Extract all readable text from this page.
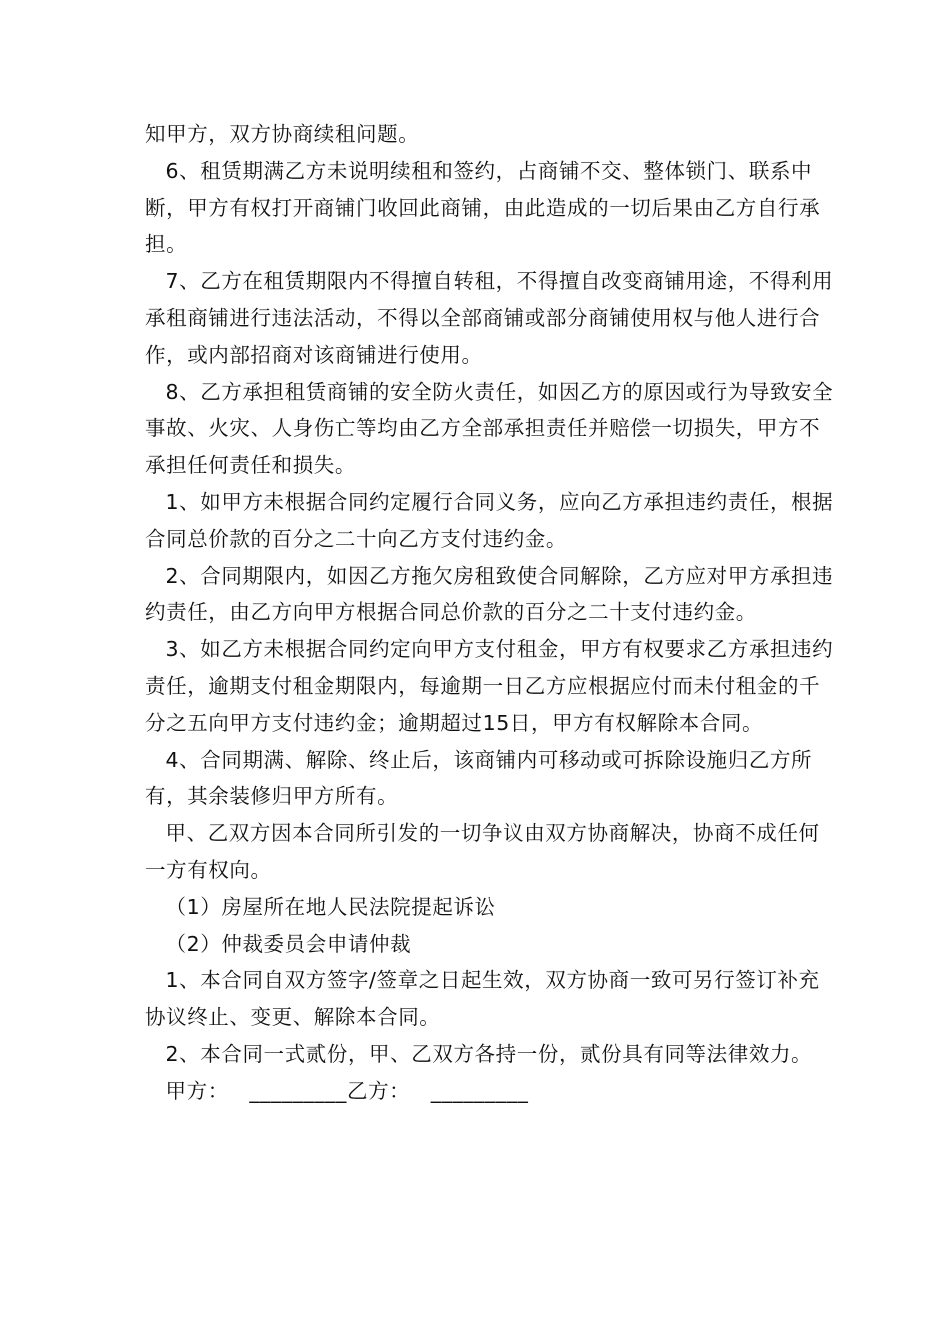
知甲方，双方协商续租问题。

6、租赁期满乙方未说明续租和签约，占商铺不交、整体锁门、联系中断，甲方有权打开商铺门收回此商铺，由此造成的一切后果由乙方自行承担。

7、乙方在租赁期限内不得擅自转租，不得擅自改变商铺用途，不得利用承租商铺进行违法活动，不得以全部商铺或部分商铺使用权与他人进行合作，或内部招商对该商铺进行使用。

8、乙方承担租赁商铺的安全防火责任，如因乙方的原因或行为导致安全事故、火灾、人身伤亡等均由乙方全部承担责任并赔偿一切损失，甲方不承担任何责任和损失。

1、如甲方未根据合同约定履行合同义务，应向乙方承担违约责任，根据合同总价款的百分之二十向乙方支付违约金。

2、合同期限内，如因乙方拖欠房租致使合同解除，乙方应对甲方承担违约责任，由乙方向甲方根据合同总价款的百分之二十支付违约金。

3、如乙方未根据合同约定向甲方支付租金，甲方有权要求乙方承担违约责任，逾期支付租金期限内，每逾期一日乙方应根据应付而未付租金的千分之五向甲方支付违约金；逾期超过15日，甲方有权解除本合同。

4、合同期满、解除、终止后，该商铺内可移动或可拆除设施归乙方所有，其余装修归甲方所有。

甲、乙双方因本合同所引发的一切争议由双方协商解决，协商不成任何一方有权向。

（1）房屋所在地人民法院提起诉讼

（2）仲裁委员会申请仲裁

1、本合同自双方签字/签章之日起生效，双方协商一致可另行签订补充协议终止、变更、解除本合同。

2、本合同一式贰份，甲、乙双方各持一份，贰份具有同等法律效力。

甲方： _________乙方： _________
